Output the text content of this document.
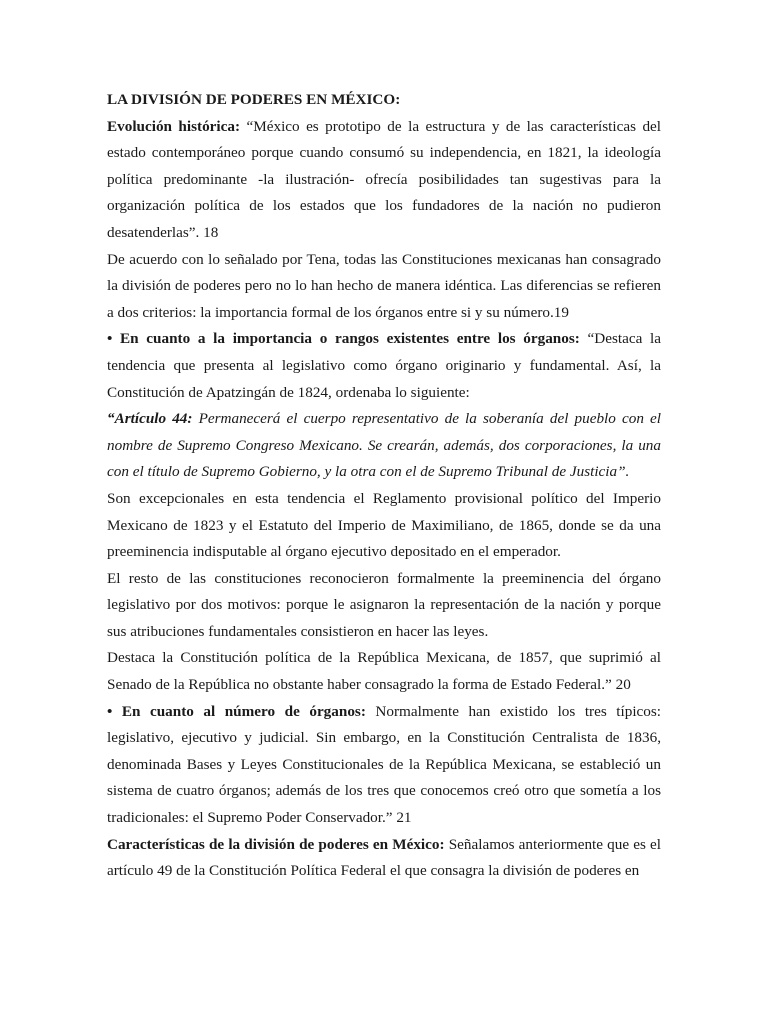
LA DIVISIÓN DE PODERES EN MÉXICO:

Evolución histórica: “México es prototipo de la estructura y de las características del estado contemporáneo porque cuando consumó su independencia, en 1821, la ideología política predominante -la ilustración- ofrecía posibilidades tan sugestivas para la organización política de los estados que los fundadores de la nación no pudieron desatenderlas”. 18

De acuerdo con lo señalado por Tena, todas las Constituciones mexicanas han consagrado la división de poderes pero no lo han hecho de manera idéntica. Las diferencias se refieren a dos criterios: la importancia formal de los órganos entre si y su número.19

• En cuanto a la importancia o rangos existentes entre los órganos: “Destaca la tendencia que presenta al legislativo como órgano originario y fundamental. Así, la Constitución de Apatzingán de 1824, ordenaba lo siguiente:

“Artículo 44: Permanecerá el cuerpo representativo de la soberanía del pueblo con el nombre de Supremo Congreso Mexicano. Se crearán, además, dos corporaciones, la una con el título de Supremo Gobierno, y la otra con el de Supremo Tribunal de Justicia”.

Son excepcionales en esta tendencia el Reglamento provisional político del Imperio Mexicano de 1823 y el Estatuto del Imperio de Maximiliano, de 1865, donde se da una preeminencia indisputable al órgano ejecutivo depositado en el emperador.

El resto de las constituciones reconocieron formalmente la preeminencia del órgano legislativo por dos motivos: porque le asignaron la representación de la nación y porque sus atribuciones fundamentales consistieron en hacer las leyes.

Destaca la Constitución política de la República Mexicana, de 1857, que suprimió al Senado de la República no obstante haber consagrado la forma de Estado Federal.” 20

• En cuanto al número de órganos: Normalmente han existido los tres típicos: legislativo, ejecutivo y judicial. Sin embargo, en la Constitución Centralista de 1836, denominada Bases y Leyes Constitucionales de la República Mexicana, se estableció un sistema de cuatro órganos; además de los tres que conocemos creó otro que sometía a los tradicionales: el Supremo Poder Conservador.” 21

Características de la división de poderes en México: Señalamos anteriormente que es el artículo 49 de la Constitución Política Federal el que consagra la división de poderes en
